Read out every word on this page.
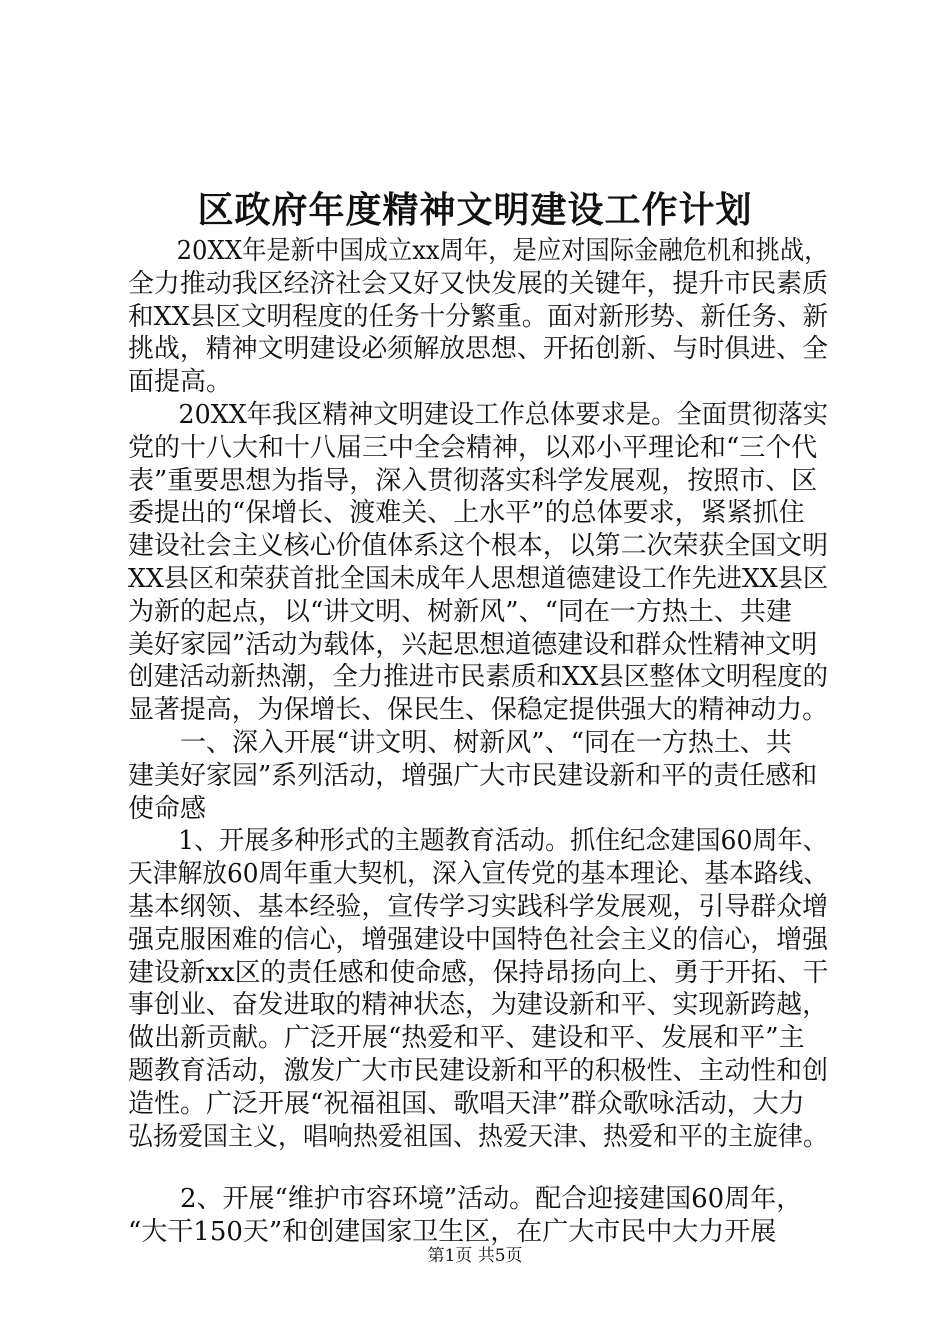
区政府年度精神文明建设工作计划
　　20XX年是新中国成立xx周年，是应对国际金融危机和挑战，
全力推动我区经济社会又好又快发展的关键年，提升市民素质
和XX县区文明程度的任务十分繁重。面对新形势、新任务、新
挑战，精神文明建设必须解放思想、开拓创新、与时俱进、全
面提高。
　　20XX年我区精神文明建设工作总体要求是。全面贯彻落实
党的十八大和十八届三中全会精神，以邓小平理论和“三个代
表”重要思想为指导，深入贯彻落实科学发展观，按照市、区
委提出的“保增长、渡难关、上水平”的总体要求，紧紧抓住
建设社会主义核心价值体系这个根本，以第二次荣获全国文明
XX县区和荣获首批全国未成年人思想道德建设工作先进XX县区
为新的起点，以“讲文明、树新风”、“同在一方热土、共建
美好家园”活动为载体，兴起思想道德建设和群众性精神文明
创建活动新热潮，全力推进市民素质和XX县区整体文明程度的
显著提高，为保增长、保民生、保稳定提供强大的精神动力。
　　一、深入开展“讲文明、树新风”、“同在一方热土、共
建美好家园”系列活动，增强广大市民建设新和平的责任感和
使命感
　　1、开展多种形式的主题教育活动。抓住纪念建国60周年、
天津解放60周年重大契机，深入宣传党的基本理论、基本路线、
基本纲领、基本经验，宣传学习实践科学发展观，引导群众增
强克服困难的信心，增强建设中国特色社会主义的信心，增强
建设新xx区的责任感和使命感，保持昂扬向上、勇于开拓、干
事创业、奋发进取的精神状态，为建设新和平、实现新跨越，
做出新贡献。广泛开展“热爱和平、建设和平、发展和平”主
题教育活动，激发广大市民建设新和平的积极性、主动性和创
造性。广泛开展“祝福祖国、歌唱天津”群众歌咏活动，大力
弘扬爱国主义，唱响热爱祖国、热爱天津、热爱和平的主旋律。
　　2、开展“维护市容环境”活动。配合迎接建国60周年，
“大干150天”和创建国家卫生区，在广大市民中大力开展
第1页 共5页
